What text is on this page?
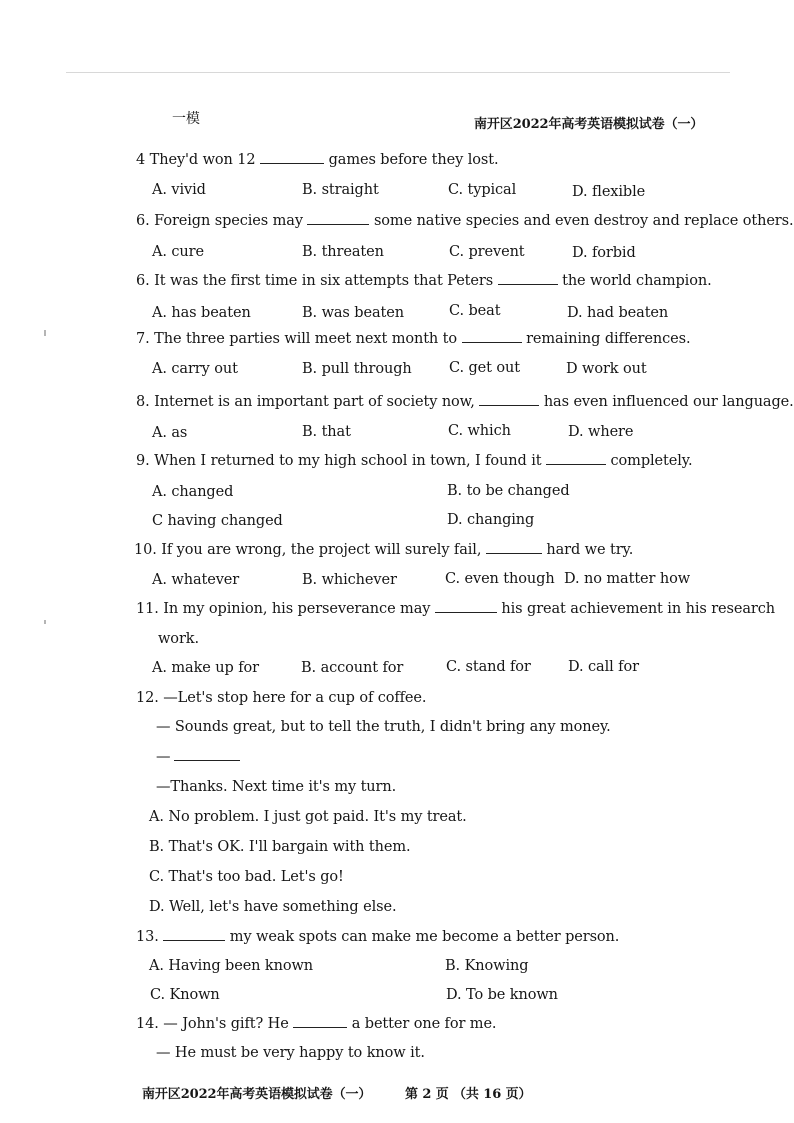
一模	南开区2022年高考英语模拟试卷（一）
4 They'd won 12	games before they lost.
A. vivid	B. straight	C. typical	D. flexible
6. Foreign species may	some native species and even destroy and replace others.
A. cure	B. threaten	C. prevent	D. forbid
6. It was the first time in six attempts that Peters	the world champion.
A. has beaten	B. was beaten	C. beat	D. had beaten
7. The three parties will meet next month to	remaining differences.
A. carry out	B. pull through	C. get out	D work out
8. Internet is an important part of society now,	has even influenced our language.
A. as	B. that	C. which	D. where
9. When I returned to my high school in town, I found it	completely.
A. changed	B. to be changed
C having changed	D. changing
10. If you are wrong, the project will surely fail,	hard we try.
A. whatever	B. whichever	C. even though D. no matter how
11. In my opinion, his perseverance may	his great achievement in his research
work.
A. make up for	B. account for	C. stand for	D. call for
12. —Let's stop here for a cup of coffee.
— Sounds great, but to tell the truth, I didn't bring any money.
—
—Thanks. Next time it's my turn.
A. No problem. I just got paid. It's my treat.
B. That's OK. I'll bargain with them.
C. That's too bad. Let's go!
D. Well, let's have something else.
13.	my weak spots can make me become a better person.
A. Having been known	B. Knowing
C. Known	D. To be known
14. — John's gift? He	a better one for me.
— He must be very happy to know it.
南开区2022年高考英语模拟试卷（一）	第 2 页 （共 16 页）
